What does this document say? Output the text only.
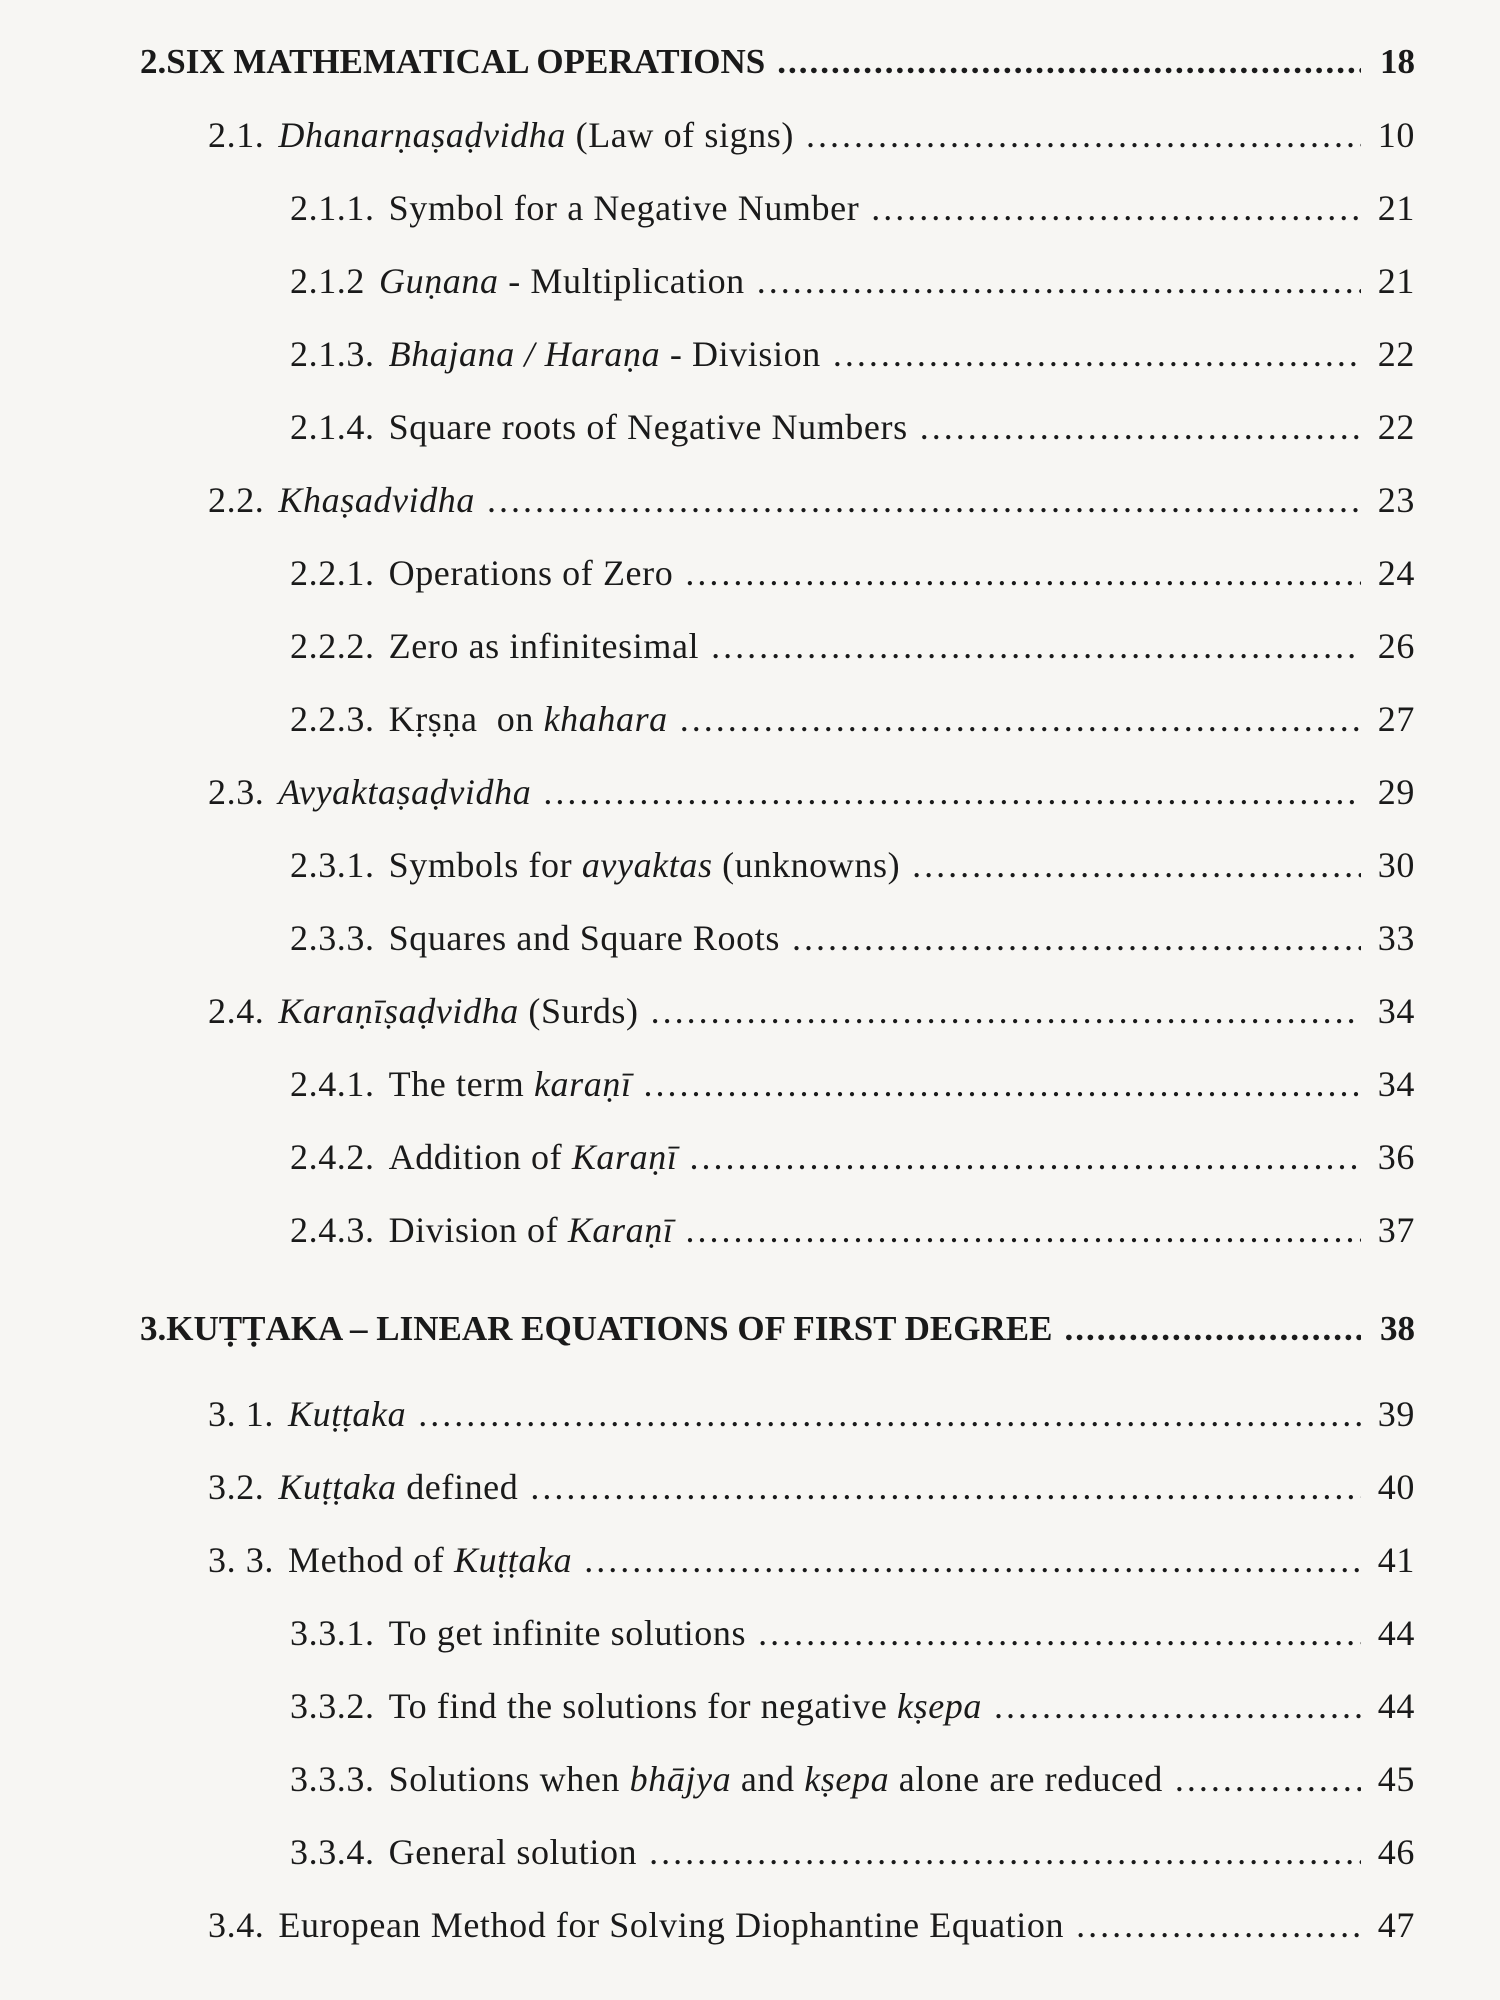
2. SIX MATHEMATICAL OPERATIONS .....	18
2.1. Dhanarṇaṣaḍvidha (Law of signs) .....	10
2.1.1. Symbol for a Negative Number .....	21
2.1.2 Guṇana - Multiplication .....	21
2.1.3. Bhajana / Haraṇa - Division .....	22
2.1.4. Square roots of Negative Numbers .....	22
2.2. Khaṣadvidha .....	23
2.2.1. Operations of Zero .....	24
2.2.2. Zero as infinitesimal .....	26
2.2.3. Kṛṣṇa  on khahara .....	27
2.3. Avyaktaṣaḍvidha .....	29
2.3.1. Symbols for avyaktas (unknowns) .....	30
2.3.3. Squares and Square Roots .....	33
2.4. Karaṇīṣaḍvidha (Surds) .....	34
2.4.1. The term karaṇī .....	34
2.4.2. Addition of Karaṇī .....	36
2.4.3. Division of Karaṇī .....	37
3. KUṬṬAKA – LINEAR EQUATIONS OF FIRST DEGREE .....	38
3. 1. Kuṭṭaka .....	39
3.2. Kuṭṭaka defined .....	40
3. 3. Method of Kuṭṭaka .....	41
3.3.1. To get infinite solutions .....	44
3.3.2. To find the solutions for negative kṣepa .....	44
3.3.3. Solutions when bhājya and kṣepa alone are reduced .....	45
3.3.4. General solution .....	46
3.4. European Method for Solving Diophantine Equation .....	47
